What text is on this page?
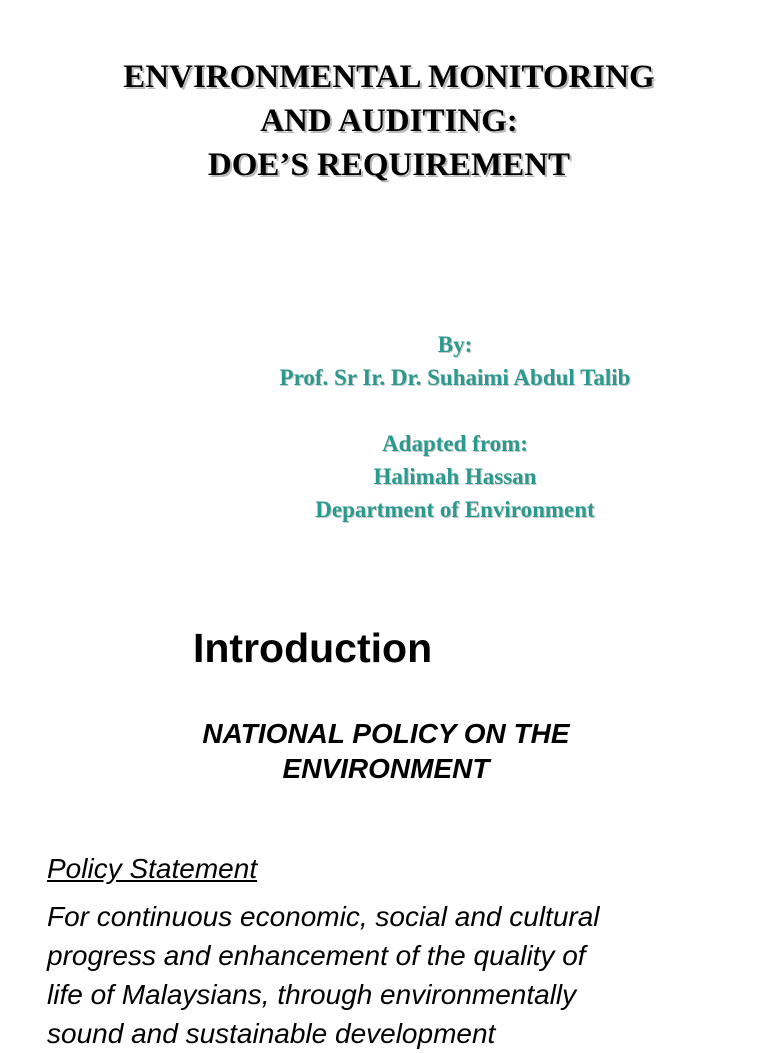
ENVIRONMENTAL MONITORING
AND AUDITING:
DOE’S REQUIREMENT
By:
Prof. Sr Ir. Dr. Suhaimi Abdul Talib
Adapted from:
Halimah Hassan
Department of Environment
Introduction
NATIONAL POLICY ON THE
ENVIRONMENT
Policy Statement
For continuous economic, social and cultural
progress and enhancement of the quality of
life of Malaysians, through environmentally
sound and sustainable development
